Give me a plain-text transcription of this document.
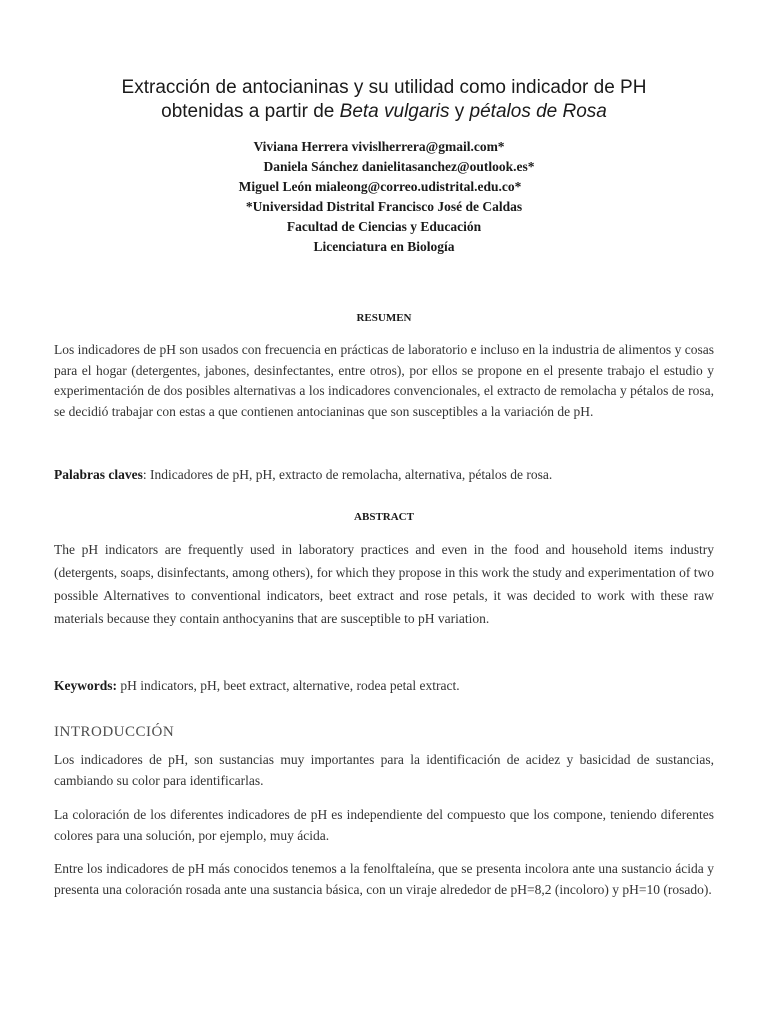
Extracción de antocianinas y su utilidad como indicador de PH
obtenidas a partir de Beta vulgaris y pétalos de Rosa
Viviana Herrera vivislherrera@gmail.com*
Daniela Sánchez danielitasanchez@outlook.es*
Miguel León mialeong@correo.udistrital.edu.co*
*Universidad Distrital Francisco José de Caldas
Facultad de Ciencias y Educación
Licenciatura en Biología
RESUMEN
Los indicadores de pH son usados con frecuencia en prácticas de laboratorio e incluso en la industria de alimentos y cosas para el hogar (detergentes, jabones, desinfectantes, entre otros), por ellos se propone en el presente trabajo el estudio y experimentación de dos posibles alternativas a los indicadores convencionales, el extracto de remolacha y pétalos de rosa, se decidió trabajar con estas a que contienen antocianinas que son susceptibles a la variación de pH.
Palabras claves: Indicadores de pH, pH, extracto de remolacha, alternativa, pétalos de rosa.
ABSTRACT
The pH indicators are frequently used in laboratory practices and even in the food and household items industry (detergents, soaps, disinfectants, among others), for which they propose in this work the study and experimentation of two possible Alternatives to conventional indicators, beet extract and rose petals, it was decided to work with these raw materials because they contain anthocyanins that are susceptible to pH variation.
Keywords: pH indicators, pH, beet extract, alternative, rodea petal extract.
INTRODUCCIÓN
Los indicadores de pH, son sustancias muy importantes para la identificación de acidez y basicidad de sustancias, cambiando su color para identificarlas.
La coloración de los diferentes indicadores de pH es independiente del compuesto que los compone, teniendo diferentes colores para una solución, por ejemplo, muy ácida.
Entre los indicadores de pH más conocidos tenemos a la fenolftaleína, que se presenta incolora ante una sustancio ácida y presenta una coloración rosada ante una sustancia básica, con un viraje alrededor de pH=8,2 (incoloro) y pH=10 (rosado).
